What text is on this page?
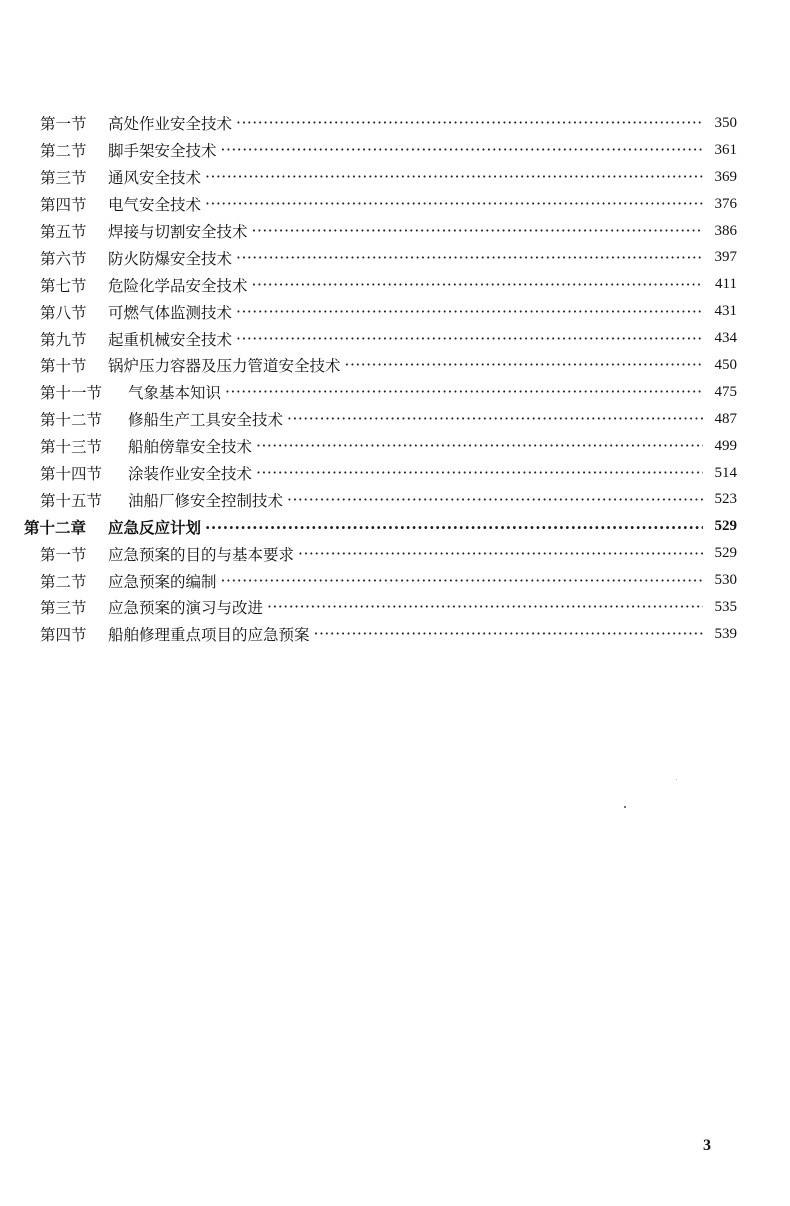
第一节 高处作业安全技术 ·····	350
第二节 脚手架安全技术 ·····	361
第三节 通风安全技术 ·····	369
第四节 电气安全技术 ·····	376
第五节 焊接与切割安全技术 ·····	386
第六节 防火防爆安全技术 ·····	397
第七节 危险化学品安全技术 ·····	411
第八节 可燃气体监测技术 ·····	431
第九节 起重机械安全技术 ·····	434
第十节 锅炉压力容器及压力管道安全技术 ·····	450
第十一节 气象基本知识 ·····	475
第十二节 修船生产工具安全技术 ·····	487
第十三节 船舶傍靠安全技术 ·····	499
第十四节 涂装作业安全技术 ·····	514
第十五节 油船厂修安全控制技术 ·····	523
第十二章 应急反应计划 ·····	529
第一节 应急预案的目的与基本要求 ·····	529
第二节 应急预案的编制 ·····	530
第三节 应急预案的演习与改进 ·····	535
第四节 船舶修理重点项目的应急预案 ·····	539
3
